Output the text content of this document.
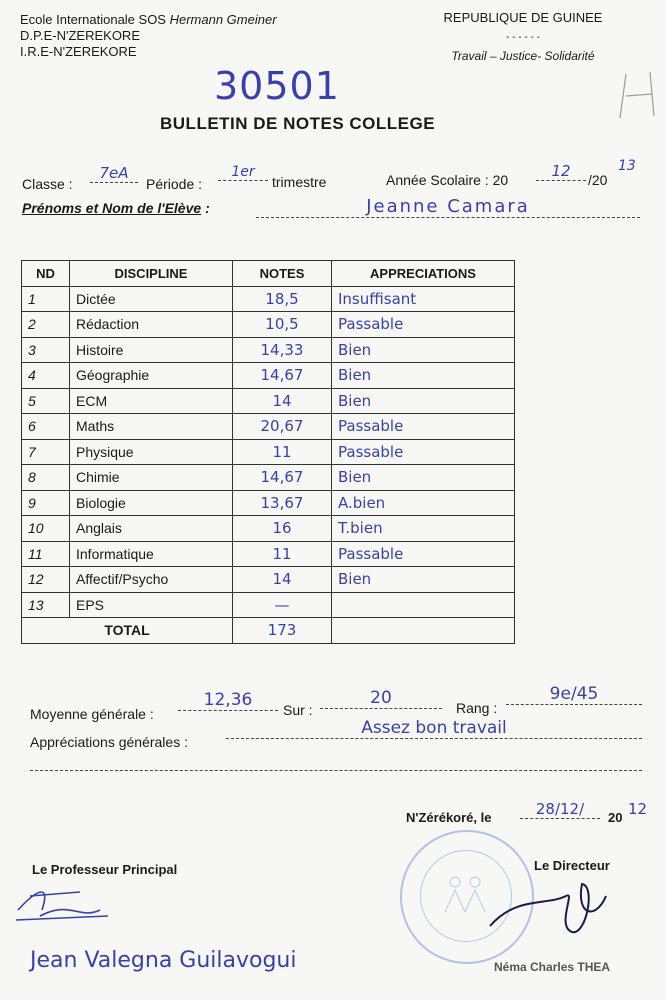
Ecole Internationale SOS Hermann Gmeiner
D.P.E-N'ZEREKORE
I.R.E-N'ZEREKORE
REPUBLIQUE DE GUINEE
- - - - - -
Travail – Justice- Solidarité
30501
BULLETIN DE NOTES COLLEGE
Classe :
7eA
Période :
1er
trimestre	Année Scolaire : 20	12	/20
13
Prénoms et Nom de l'Elève :	Jeanne Camara
ND	DISCIPLINE	NOTES	APPRECIATIONS
1	Dictée	18,5	Insuffisant
2	Rédaction	10,5	Passable
3	Histoire	14,33	Bien
4	Géographie	14,67	Bien
5	ECM	14	Bien
6	Maths	20,67	Passable
7	Physique	11	Passable
8	Chimie	14,67	Bien
9	Biologie	13,67	A.bien
10	Anglais	16	T.bien
11	Informatique	11	Passable
12	Affectif/Psycho	14	Bien
13	EPS	—	
TOTAL		173	
Moyenne générale :
12,36	Sur :
20	Rang :
9e/45
Appréciations générales :
Assez bon travail
N'Zérékoré, le	28/12/	20 12
Le Professeur Principal
Jean Valegna Guilavogui
Le Directeur
Néma Charles THEA
